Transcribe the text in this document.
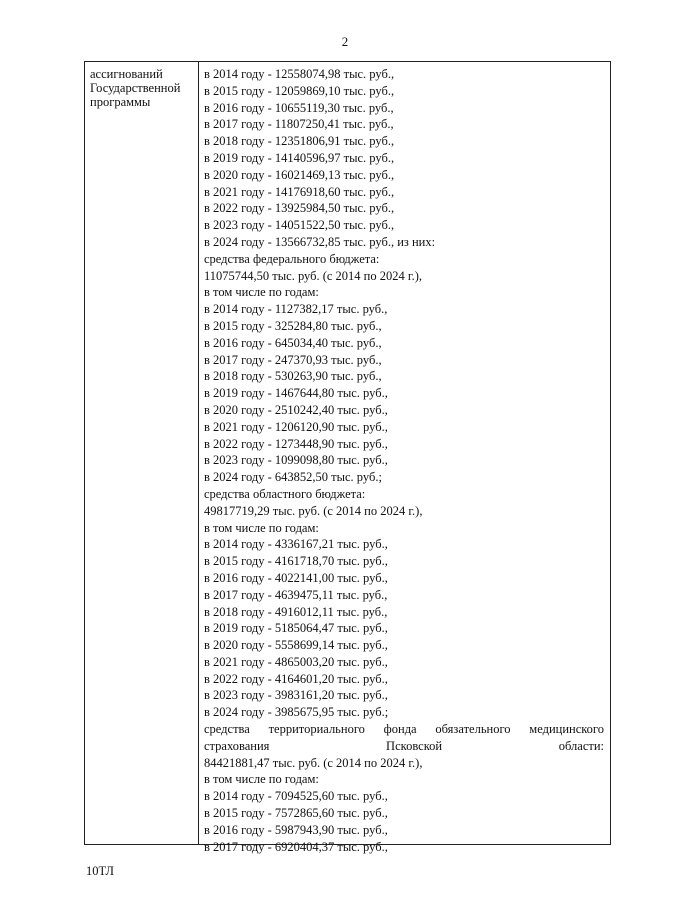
2
ассигнований
Государственной
программы
в 2014 году - 12558074,98 тыс. руб.,
в 2015 году - 12059869,10 тыс. руб.,
в 2016 году - 10655119,30 тыс. руб.,
в 2017 году - 11807250,41 тыс. руб.,
в 2018 году - 12351806,91 тыс. руб.,
в 2019 году - 14140596,97 тыс. руб.,
в 2020 году - 16021469,13 тыс. руб.,
в 2021 году - 14176918,60 тыс. руб.,
в 2022 году - 13925984,50 тыс. руб.,
в 2023 году - 14051522,50 тыс. руб.,
в 2024 году - 13566732,85 тыс. руб., из них:
средства федерального бюджета:
11075744,50 тыс. руб. (с 2014 по 2024 г.),
в том числе по годам:
в 2014 году - 1127382,17 тыс. руб.,
в 2015 году - 325284,80 тыс. руб.,
в 2016 году - 645034,40 тыс. руб.,
в 2017 году - 247370,93 тыс. руб.,
в 2018 году - 530263,90 тыс. руб.,
в 2019 году - 1467644,80 тыс. руб.,
в 2020 году - 2510242,40 тыс. руб.,
в 2021 году - 1206120,90 тыс. руб.,
в 2022 году - 1273448,90 тыс. руб.,
в 2023 году - 1099098,80 тыс. руб.,
в 2024 году - 643852,50 тыс. руб.;
средства областного бюджета:
49817719,29 тыс. руб. (с 2014 по 2024 г.),
в том числе по годам:
в 2014 году - 4336167,21 тыс. руб.,
в 2015 году - 4161718,70 тыс. руб.,
в 2016 году - 4022141,00 тыс. руб.,
в 2017 году - 4639475,11 тыс. руб.,
в 2018 году - 4916012,11 тыс. руб.,
в 2019 году - 5185064,47 тыс. руб.,
в 2020 году - 5558699,14 тыс. руб.,
в 2021 году - 4865003,20 тыс. руб.,
в 2022 году - 4164601,20 тыс. руб.,
в 2023 году - 3983161,20 тыс. руб.,
в 2024 году - 3985675,95 тыс. руб.;
средства территориального фонда обязательного медицинского страхования Псковской области:
84421881,47 тыс. руб. (с 2014 по 2024 г.),
в том числе по годам:
в 2014 году - 7094525,60 тыс. руб.,
в 2015 году - 7572865,60 тыс. руб.,
в 2016 году - 5987943,90 тыс. руб.,
в 2017 году - 6920404,37 тыс. руб.,
10ТЛ
